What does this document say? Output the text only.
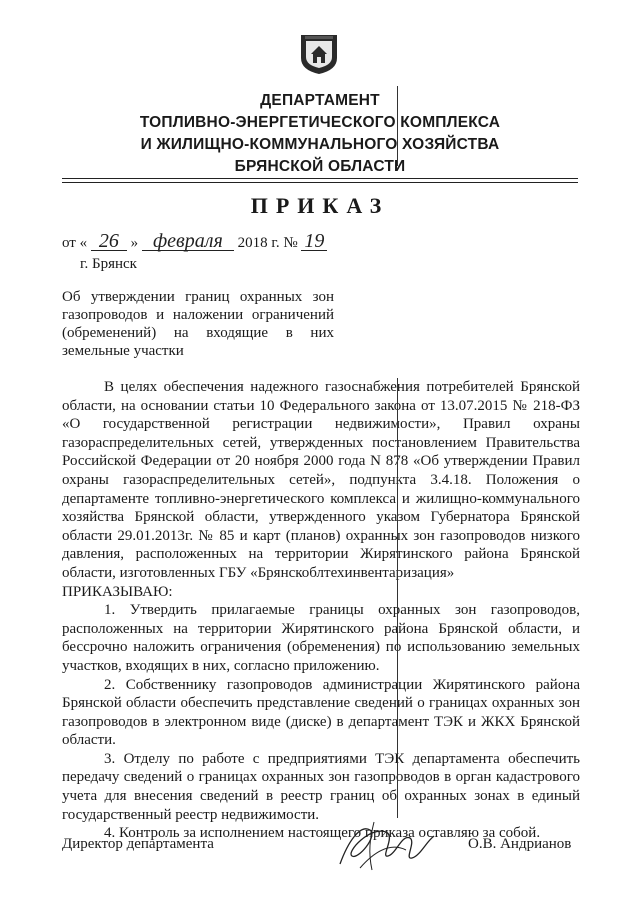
ДЕПАРТАМЕНТ
ТОПЛИВНО-ЭНЕРГЕТИЧЕСКОГО КОМПЛЕКСА
И ЖИЛИЩНО-КОММУНАЛЬНОГО ХОЗЯЙСТВА
БРЯНСКОЙ ОБЛАСТИ
ПРИКАЗ
от « 26 » февраля 2018 г. № 19
г. Брянск
Об утверждении границ охранных зон газопроводов и наложении ограничений (обременений) на входящие в них земельные участки

В целях обеспечения надежного газоснабжения потребителей Брянской области, на основании статьи 10 Федерального закона от 13.07.2015 № 218-ФЗ «О государственной регистрации недвижимости», Правил охраны газораспределительных сетей, утвержденных постановлением Правительства Российской Федерации от 20 ноября 2000 года N 878 «Об утверждении Правил охраны газораспределительных сетей», подпункта 3.4.18. Положения о департаменте топливно-энергетического комплекса и жилищно-коммунального хозяйства Брянской области, утвержденного указом Губернатора Брянской области 29.01.2013г. № 85 и карт (планов) охранных зон газопроводов низкого давления, расположенных на территории Жирятинского района Брянской области, изготовленных ГБУ «Брянскоблтехинвентаризация»

ПРИКАЗЫВАЮ:

1. Утвердить прилагаемые границы охранных зон газопроводов, расположенных на территории Жирятинского района Брянской области, и бессрочно наложить ограничения (обременения) по использованию земельных участков, входящих в них, согласно приложению.

2. Собственнику газопроводов администрации Жирятинского района Брянской области обеспечить представление сведений о границах охранных зон газопроводов в электронном виде (диске) в департамент ТЭК и ЖКХ Брянской области.

3. Отделу по работе с предприятиями ТЭК департамента обеспечить передачу сведений о границах охранных зон газопроводов в орган кадастрового учета для внесения сведений в реестр границ об охранных зонах в единый государственный реестр недвижимости.

4. Контроль за исполнением настоящего приказа оставляю за собой.

Директор департамента	О.В. Андрианов
